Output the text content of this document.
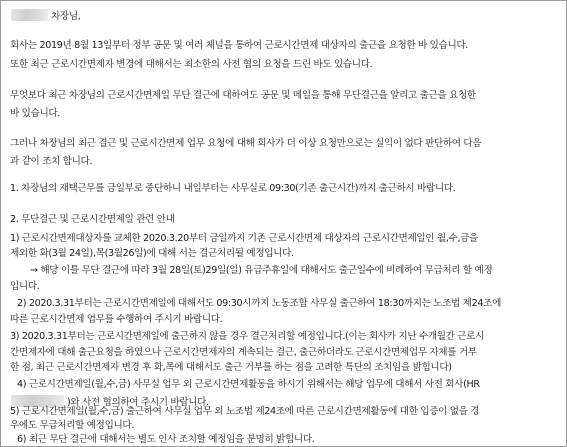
차장님,
회사는 2019년 8월 13일부터 정부 공문 및 여러 체널을 통하여 근로시간면제 대상자의 출근을 요청한 바 있습니다.
또한 최근 근로시간면제자 변경에 대해서는 최소한의 사전 협의 요청을 드린 바도 있습니다.
무엇보다 최근 차장님의 근로시간면제일 무단 결근에 대하여도 공문 및 메일을 통해 무단결근을 알리고 출근을 요청한
바 있습니다.
그러나 차장님의 최근 결근 및 근로시간면제 업무 요청에 대해 회사가 더 이상 요청만으로는 실익이 없다 판단하여 다음
과 같이 조치 합니다.
1. 차장님의 재택근무를 금일부로 중단하니 내일부터는 사무실로 09:30(기존 출근시간)까지 출근하시 바랍니다.
2. 무단결근 및 근로시간면제일 관련 안내
1) 근로시간면제대상자를 교체한 2020.3.20부터 금일까지 기존 근로시간면제 대상자의 근로시간면제일인 월,수,금을
제외한 화(3월 24일),목(3월26일)에 대해 서는 결근처리될 예정입니다.
→ 해당 이틀 무단 결근에 따라 3월 28일(토)29일(일) 유급주휴일에 대해서도 출근일수에 비례하여 무급처리 할 예정
입니다.
2) 2020.3.31부터는 근로시간면제일에 대해서도 09:30시까지 노동조합 사무실 출근하여 18:30까지는 노조법 제24조에
따른 근로시간면제 업무를 수행하여 주시기 바랍니다.
3) 2020.3.31부터는 근로시간면제일에 출근하지 않을 경우 결근처리할 예정입니다.(이는 회사가 지난 수개월간 근로시
간면제자에 대해 출근요청을 하였으나 근로시간면제자의 계속되는 결근, 출근하더라도 근로시간면제업무 자체를 거부
한 점, 최근 근로시간면제자 변경 후 화,목에 대해서도 출근 거부를 하는 점을 고려한 특단의 조치임을 밝힙니다)
4) 근로시간면제일(월,수,금) 사무실 업무 외 근로시간면제활동을 하시기 위해서는 해당 업무에 대해서 사전 회사(HR
)와 사전 협의하여 주시기 바랍니다.
5) 근로시간면제일(월,수,금) 출근하여 사무실 업무 외 노조법 제24조에 따른 근로시간면제활동에 대한 입증이 없을 경
우에도 무급처리할 예정입니다.
6) 최근 무단 결근에 대해서는 별도 인사 조치할 예정임을 분명히 밝힙니다.
